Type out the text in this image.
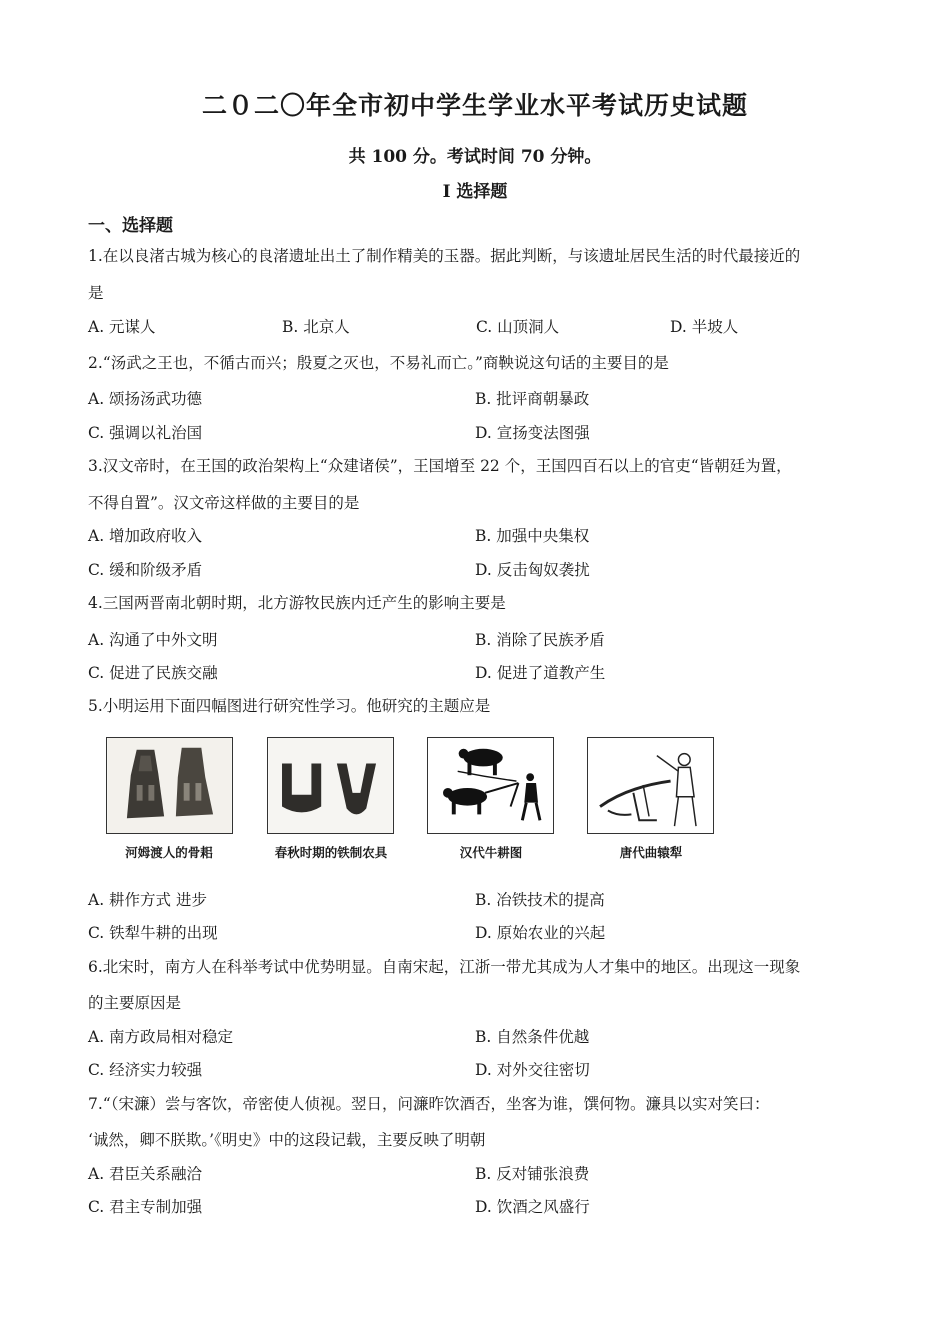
二０二〇年全市初中学生学业水平考试历史试题
共 100 分。考试时间 70 分钟。
I 选择题
一、选择题
1.在以良渚古城为核心的良渚遗址出土了制作精美的玉器。据此判断，与该遗址居民生活的时代最接近的
是
A. 元谋人	B. 北京人	C. 山顶洞人	D. 半坡人
2.“汤武之王也，不循古而兴；殷夏之灭也，不易礼而亡。”商鞅说这句话的主要目的是
A. 颂扬汤武功德	B. 批评商朝暴政
C. 强调以礼治国	D. 宣扬变法图强
3.汉文帝时，在王国的政治架构上“众建诸侯”，王国增至 22 个，王国四百石以上的官吏“皆朝廷为置，
不得自置”。汉文帝这样做的主要目的是
A. 增加政府收入	B. 加强中央集权
C. 缓和阶级矛盾	D. 反击匈奴袭扰
4.三国两晋南北朝时期，北方游牧民族内迁产生的影响主要是
A. 沟通了中外文明	B. 消除了民族矛盾
C. 促进了民族交融	D. 促进了道教产生
5.小明运用下面四幅图进行研究性学习。他研究的主题应是
河姆渡人的骨耜	春秋时期的铁制农具	汉代牛耕图	唐代曲辕犁
A. 耕作方式 进步	B. 冶铁技术的提高
C. 铁犁牛耕的出现	D. 原始农业的兴起
6.北宋时，南方人在科举考试中优势明显。自南宋起，江浙一带尤其成为人才集中的地区。出现这一现象
的主要原因是
A. 南方政局相对稳定	B. 自然条件优越
C. 经济实力较强	D. 对外交往密切
7.“（宋濂）尝与客饮，帝密使人侦视。翌日，问濂昨饮酒否，坐客为谁，馔何物。濂具以实对笑曰：
‘诚然，卿不朕欺。’《明史》中的这段记载，主要反映了明朝
A. 君臣关系融洽	B. 反对铺张浪费
C. 君主专制加强	D. 饮酒之风盛行
